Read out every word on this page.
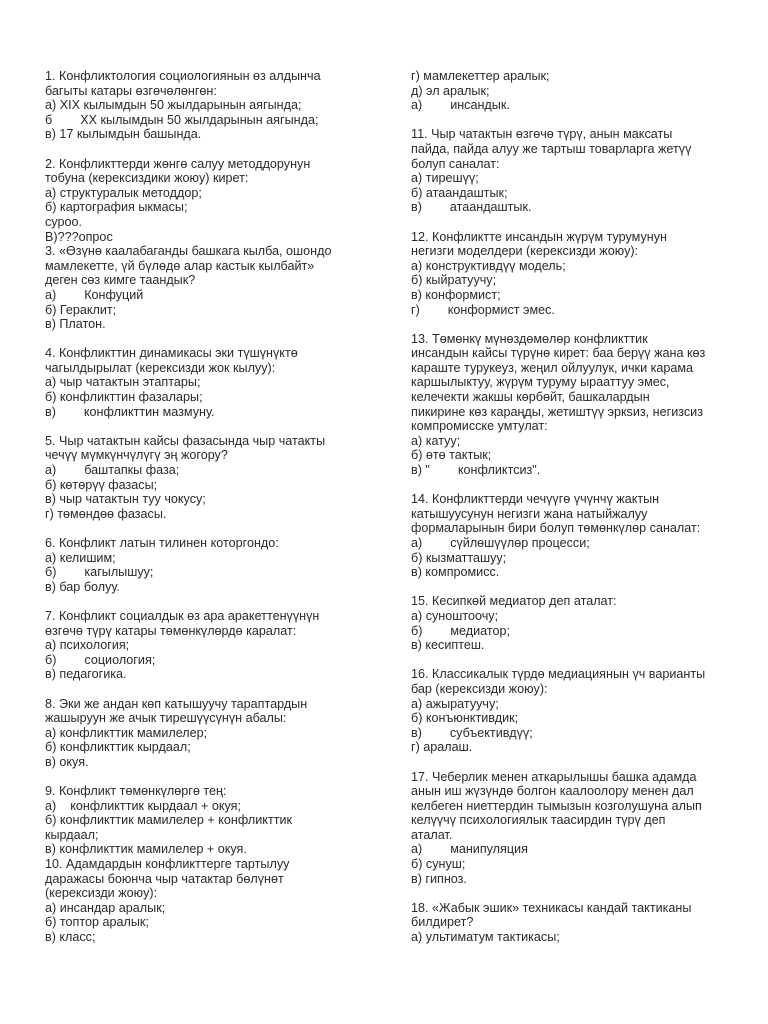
1. Конфликтология социологиянын өз алдынча
багыты катары өзгөчөлөнгөн:
а) XIX кылымдын 50 жылдарынын аягында;
б        XX кылымдын 50 жылдарынын аягында;
в) 17 кылымдын башында.
2. Конфликттерди жөнгө салуу методдорунун
тобуна (керексиздики жоюу) кирет:
а) структуралык методдор;
б) картография ыкмасы;
суроо.
В)???опрос
3. «Өзүнө каалабаганды башкага кылба, ошондо
мамлекетте, үй бүлөдө алар кастык кылбайт»
деген сөз кимге таандык?
а)        Конфуций
б) Гераклит;
в) Платон.
4. Конфликттин динамикасы эки түшүнүктө
чагылдырылат (керексизди жок кылуу):
а) чыр чатактын этаптары;
б) конфликттин фазалары;
в)        конфликттин мазмуну.
5. Чыр чатактын кайсы фазасында чыр чатакты
чечүү мүмкүнчүлүгү эң жогору?
а)        баштапкы фаза;
б) көтөрүү фазасы;
в) чыр чатактын туу чокусу;
г) төмөндөө фазасы.
6. Конфликт латын тилинен которгондо:
а) келишим;
б)        кагылышуу;
в) бар болуу.
7. Конфликт социалдык өз ара аракеттенүүнүн
өзгөчө түрү катары төмөнкүлөрдө каралат:
а) психология;
б)        социология;
в) педагогика.
8. Эки же андан көп катышуучу тараптардын
жашыруун же ачык тирешүүсүнүн абалы:
а) конфликттик мамилелер;
б) конфликттик кырдаал;
в) окуя.
9. Конфликт төмөнкүлөргө тең:
а)    конфликттик кырдаал + окуя;
б) конфликттик мамилелер + конфликттик
кырдаал;
в) конфликттик мамилелер + окуя.
10. Адамдардын конфликттерге тартылуу
даражасы боюнча чыр чатактар бөлүнөт
(керексизди жоюу):
а) инсандар аралык;
б) топтор аралык;
в) класс;
г) мамлекеттер аралык;
д) эл аралык;
а)        инсандык.
11. Чыр чатактын өзгөчө түрү, анын максаты
пайда, пайда алуу же тартыш товарларга жетүү
болуп саналат:
а) тирешүү;
б) атаандаштык;
в)        атаандаштык.
12. Конфликтте инсандын жүрүм турумунун
негизги моделдери (керексизди жоюу):
а) конструктивдүү модель;
б) кыйратуучу;
в) конформист;
г)        конформист эмес.
13. Төмөнкү мүнөздөмөлөр конфликттик
инсандын кайсы түрүнө кирет: баа берүү жана көз
караште турукеуз, жеңил ойлуулук, ички карама
каршылыктуу, жүрүм туруму ырааттуу эмес,
келечекти жакшы көрбөйт, башкалардын
пикирине көз караңды, жетиштүү эркsиз, негизсиз
компромисске умтулат:
а) катуу;
б) өтө тактык;
в) "        конфликтсиз".
14. Конфликттерди чечүүгө үчүнчү жактын
катышуусунун негизги жана натыйжалуу
формаларынын бири болуп төмөнкүлөр саналат:
а)        сүйлөшүүлөр процесси;
б) кызматташуу;
в) компромисс.
15. Кесипкөй медиатор деп аталат:
а) суноштоочу;
б)        медиатор;
в) кесиптеш.
16. Классикалык түрдө медиациянын үч варианты
бар (керексизди жоюу):
а) ажыратуучу;
б) конъюнктивдик;
в)        субъективдүү;
г) аралаш.
17. Чеберлик менен аткарылышы башка адамда
анын иш жүзүндө болгон каалоолору менен дал
келбеген ниеттердин тымызын козголушуна алып
келүүчү психологиялык таасирдин түрү деп
аталат.
а)        манипуляция
б) сунуш;
в) гипноз.
18. «Жабык эшик» техникасы кандай тактиканы
билдирет?
а) ультиматум тактикасы;
